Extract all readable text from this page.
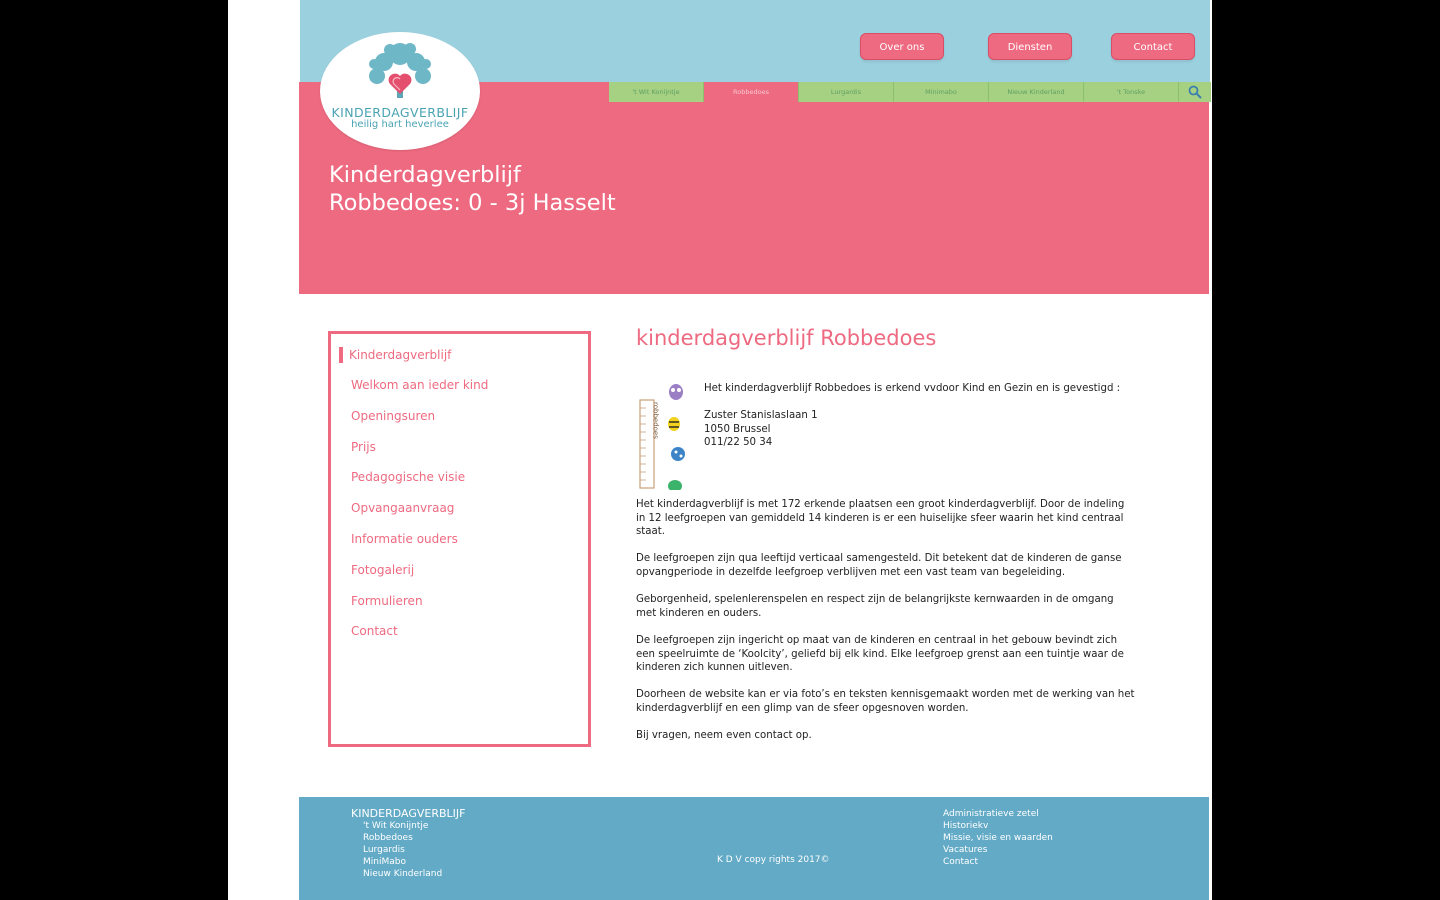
Over ons	Diensten	Contact
Kinderdagverblijf Robbedoes: 0 - 3j Hasselt
't Wit Konijntje	Robbedoes	Lurgardis	Minimabo	Nieuw Kinderland	't Tonske
KINDERDAGVERBLIJF
heilig hart heverlee
Kinderdagverblijf
Welkom aan ieder kind
Openingsuren
Prijs
Pedagogische visie
Opvangaanvraag
Informatie ouders
Fotogalerij
Formulieren
Contact
kinderdagverblijf Robbedoes
robbedoes

Het kinderdagverblijf Robbedoes is erkend vvdoor Kind en Gezin en is gevestigd :

Zuster Stanislaslaan 1
1050 Brussel
011/22 50 34

Het kinderdagverblijf is met 172 erkende plaatsen een groot kinderdagverblijf. Door de indeling in 12 leefgroepen van gemiddeld 14 kinderen is er een huiselijke sfeer waarin het kind centraal staat.

De leefgroepen zijn qua leeftijd verticaal samengesteld. Dit betekent dat de kinderen de ganse opvangperiode in dezelfde leefgroep verblijven met een vast team van begeleiding.

Geborgenheid, spelenlerenspelen en respect zijn de belangrijkste kernwaarden in de omgang met kinderen en ouders.

De leefgroepen zijn ingericht op maat van de kinderen en centraal in het gebouw bevindt zich een speelruimte de ‘Koolcity’, geliefd bij elk kind. Elke leefgroep grenst aan een tuintje waar de kinderen zich kunnen uitleven.

Doorheen de website kan er via foto’s en teksten kennisgemaakt worden met de werking van het kinderdagverblijf en een glimp van de sfeer opgesnoven worden.

Bij vragen, neem even contact op.

KINDERDAGVERBLIJF
't Wit Konijntje
Robbedoes
Lurgardis
MiniMabo
Nieuw Kinderland
K D V copy rights 2017©
Administratieve zetel
Historiekv
Missie, visie en waarden
Vacatures
Contact
